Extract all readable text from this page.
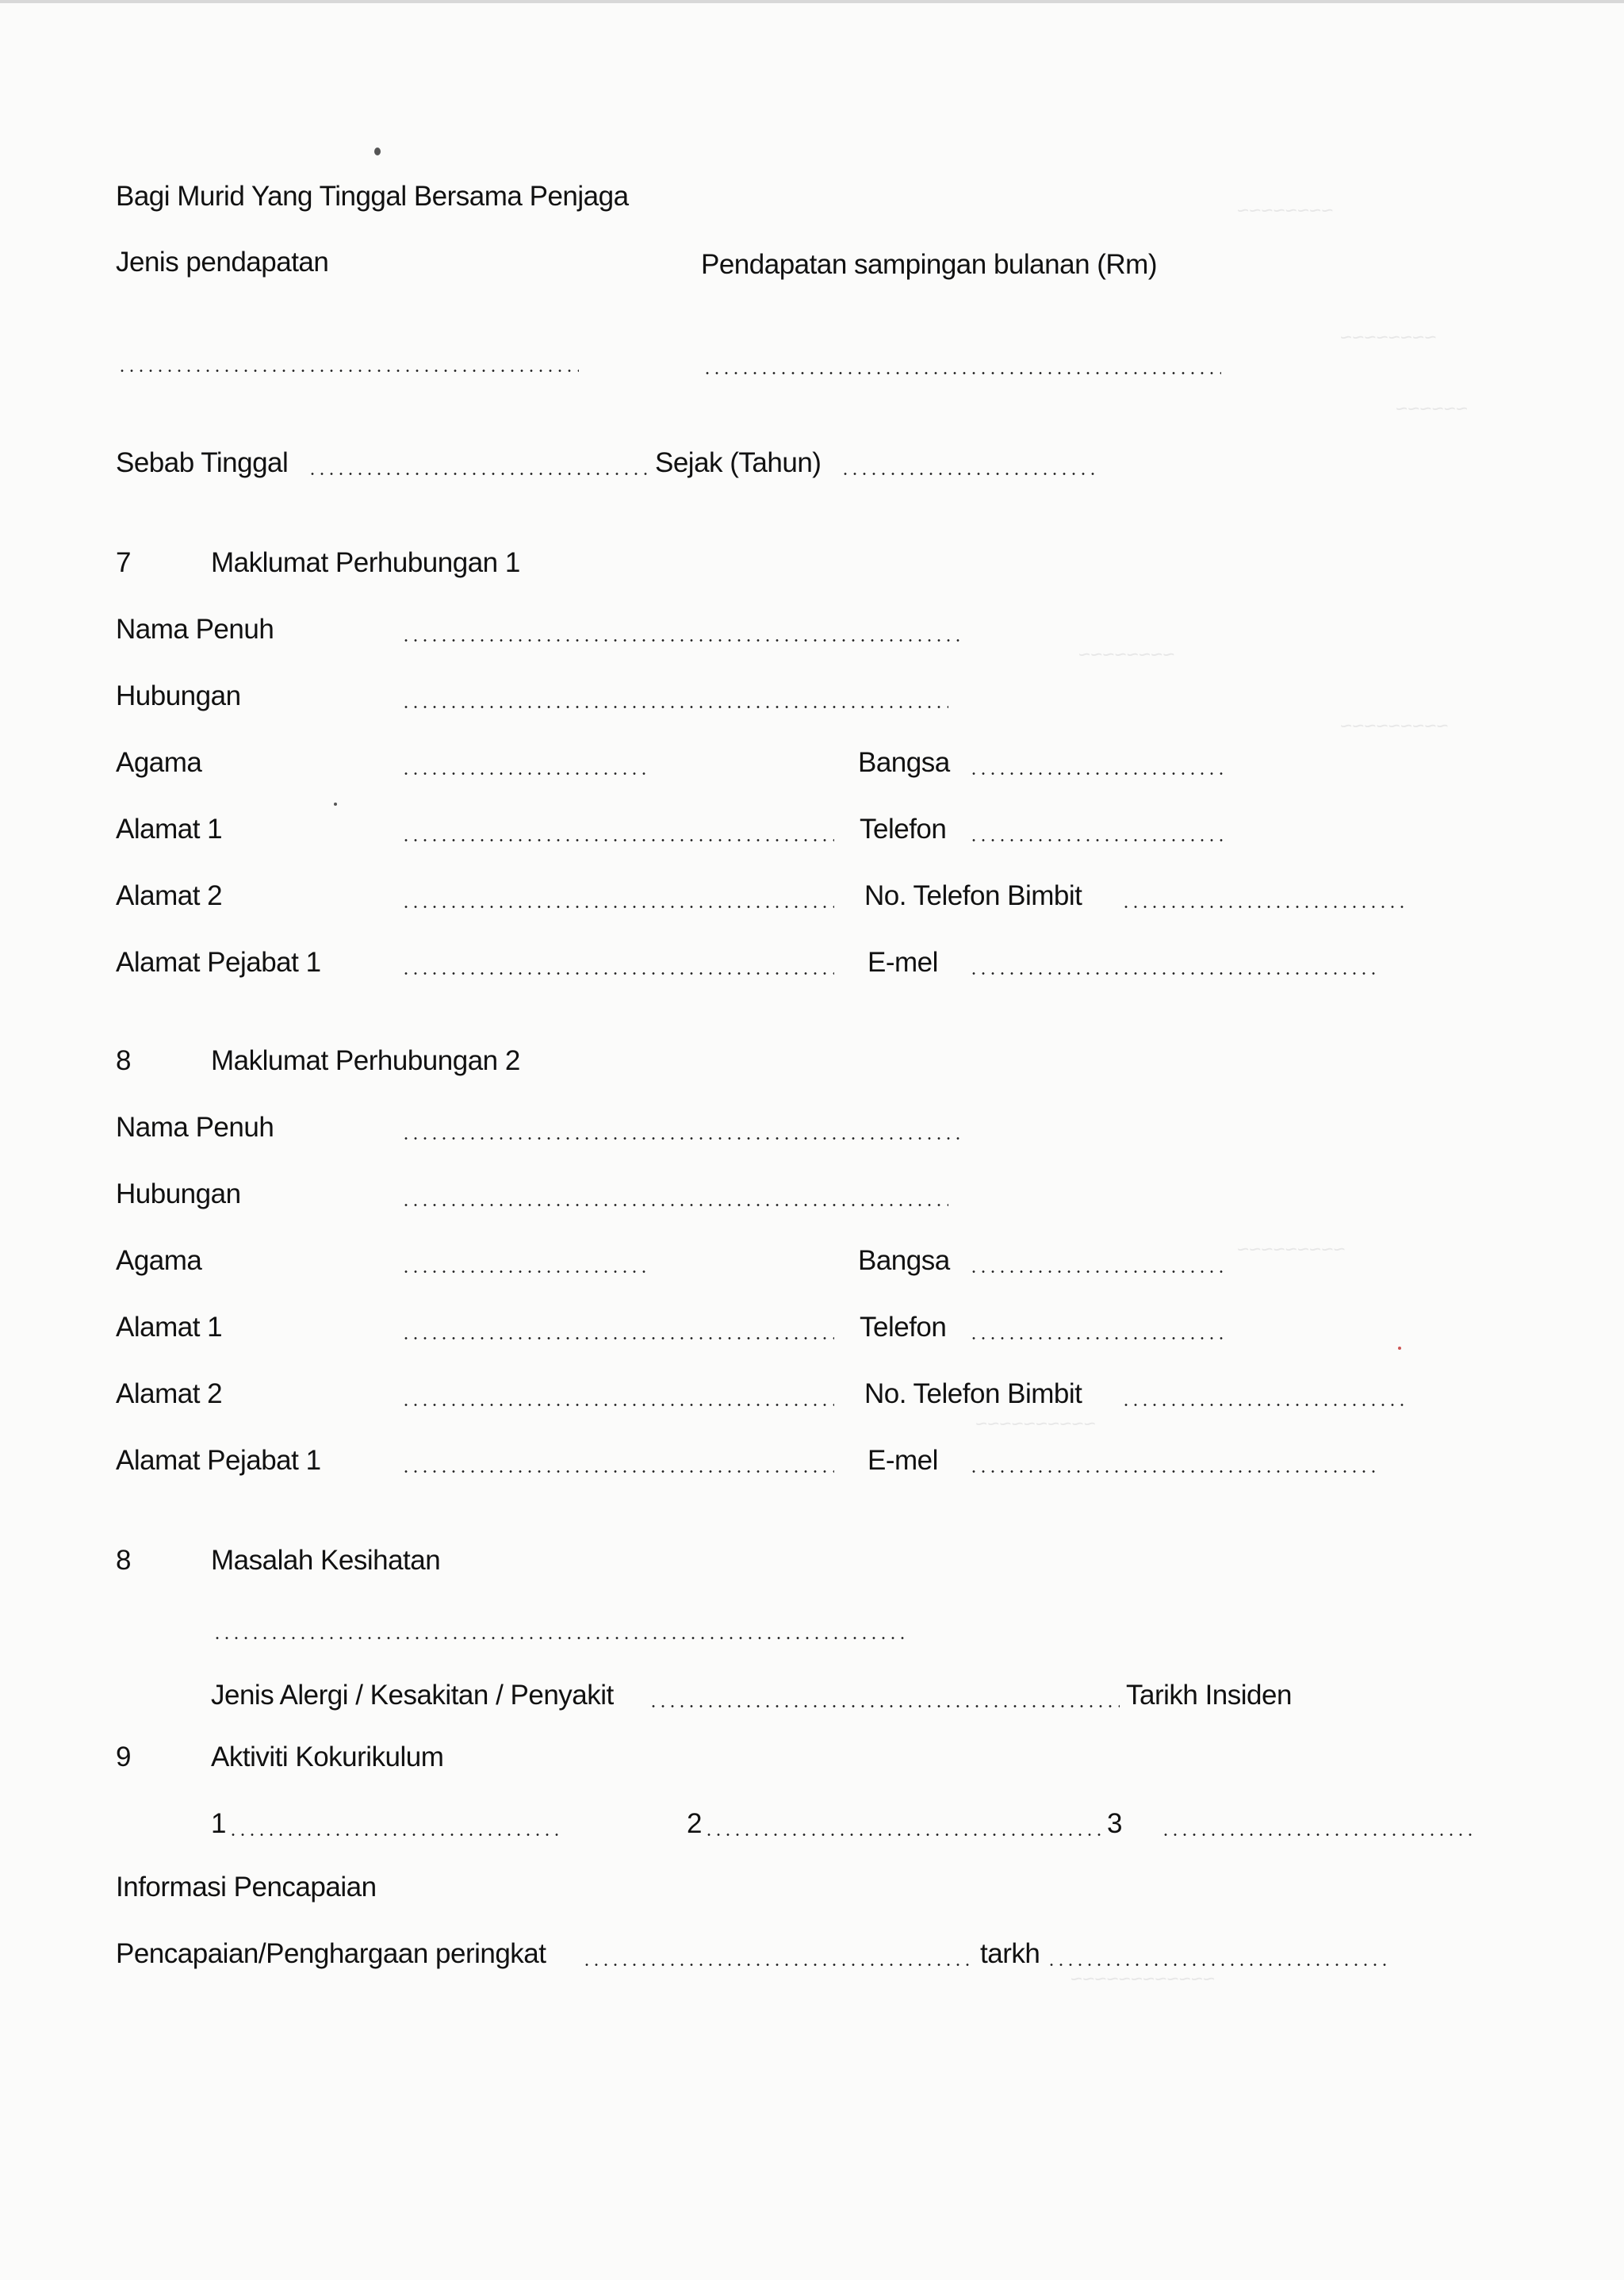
~~~~~~~~
~~~~~~~~
~~~~~~
~~~~~~~~
~~~~~~~~~
~~~~~~~~~
~~~~~~~~~~
~~~~~~~~~~~~
Bagi Murid Yang Tinggal Bersama Penjaga
Jenis pendapatan	Pendapatan sampingan bulanan (Rm)
Sebab Tinggal	Sejak (Tahun)
7	Maklumat Perhubungan 1
Nama Penuh
Hubungan
Agama	Bangsa
Alamat 1	Telefon
Alamat 2	No. Telefon Bimbit
Alamat Pejabat 1	E-mel
8	Maklumat Perhubungan 2
Nama Penuh
Hubungan
Agama	Bangsa
Alamat 1	Telefon
Alamat 2	No. Telefon Bimbit
Alamat Pejabat 1	E-mel
8	Masalah Kesihatan
Jenis Alergi / Kesakitan / Penyakit	Tarikh Insiden
9	Aktiviti Kokurikulum
1	2	3
Informasi Pencapaian
Pencapaian/Penghargaan peringkat	tarkh
